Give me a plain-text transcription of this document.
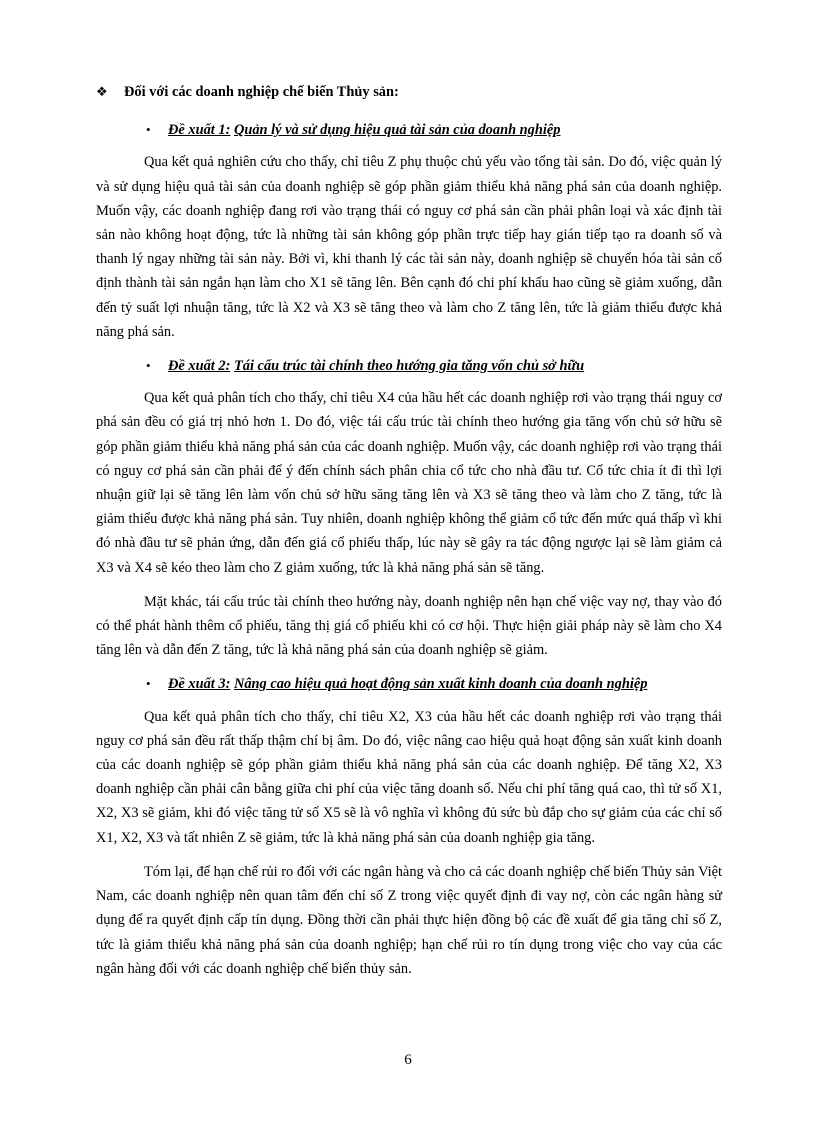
❖	Đối với các doanh nghiệp chế biến Thủy sản:
•	Đề xuất 1: Quản lý và sử dụng hiệu quả tài sản của doanh nghiệp

Qua kết quả nghiên cứu cho thấy, chỉ tiêu Z phụ thuộc chủ yếu vào tổng tài sản. Do đó, việc quản lý và sử dụng hiệu quả tài sản của doanh nghiệp sẽ góp phần giảm thiểu khả năng phá sản của doanh nghiệp. Muốn vậy, các doanh nghiệp đang rơi vào trạng thái có nguy cơ phá sản cần phải phân loại và xác định tài sản nào không hoạt động, tức là những tài sản không góp phần trực tiếp hay gián tiếp tạo ra doanh số và thanh lý ngay những tài sản này. Bởi vì, khi thanh lý các tài sản này, doanh nghiệp sẽ chuyển hóa tài sản cố định thành tài sản ngắn hạn làm cho X1 sẽ tăng lên. Bên cạnh đó chi phí khấu hao cũng sẽ giảm xuống, dẫn đến tỷ suất lợi nhuận tăng, tức là X2 và X3 sẽ tăng theo và làm cho Z tăng lên, tức là giảm thiểu được khả năng phá sản.

•	Đề xuất 2: Tái cấu trúc tài chính theo hướng gia tăng vốn chủ sở hữu

Qua kết quả phân tích cho thấy, chỉ tiêu X4 của hầu hết các doanh nghiệp rơi vào trạng thái nguy cơ phá sản đều có giá trị nhỏ hơn 1. Do đó, việc tái cấu trúc tài chính theo hướng gia tăng vốn chủ sở hữu sẽ góp phần giảm thiểu khả năng phá sản của các doanh nghiệp. Muốn vậy, các doanh nghiệp rơi vào trạng thái có nguy cơ phá sản cần phải để ý đến chính sách phân chia cổ tức cho nhà đầu tư. Cổ tức chia ít đi thì lợi nhuận giữ lại sẽ tăng lên làm vốn chủ sở hữu săng tăng lên và X3 sẽ tăng theo và làm cho Z tăng, tức là giảm thiểu được khả năng phá sản. Tuy nhiên, doanh nghiệp không thể giảm cổ tức đến mức quá thấp vì khi đó nhà đầu tư sẽ phản ứng, dẫn đến giá cổ phiếu thấp, lúc này sẽ gây ra tác động ngược lại sẽ làm giảm cả X3 và X4 sẽ kéo theo làm cho Z giảm xuống, tức là khả năng phá sản sẽ tăng.

Mặt khác, tái cấu trúc tài chính theo hướng này, doanh nghiệp nên hạn chế việc vay nợ, thay vào đó có thể phát hành thêm cổ phiếu, tăng thị giá cổ phiếu khi có cơ hội. Thực hiện giải pháp này sẽ làm cho X4 tăng lên và dẫn đến Z tăng, tức là khả năng phá sản của doanh nghiệp sẽ giảm.

•	Đề xuất 3: Nâng cao hiệu quả hoạt động sản xuất kinh doanh của doanh nghiệp

Qua kết quả phân tích cho thấy, chỉ tiêu X2, X3 của hầu hết các doanh nghiệp rơi vào trạng thái nguy cơ phá sản đều rất thấp thậm chí bị âm. Do đó, việc nâng cao hiệu quả hoạt động sản xuất kinh doanh của các doanh nghiệp sẽ góp phần giảm thiểu khả năng phá sản của các doanh nghiệp. Để tăng X2, X3 doanh nghiệp cần phải cân bằng giữa chi phí của việc tăng doanh số. Nếu chi phí tăng quá cao, thì tử số X1, X2, X3 sẽ giảm, khi đó việc tăng tử số X5 sẽ là vô nghĩa vì không đủ sức bù đắp cho sự giảm của các chỉ số X1, X2, X3 và tất nhiên Z sẽ giảm, tức là khả năng phá sản của doanh nghiệp gia tăng.

Tóm lại, để hạn chế rủi ro đối với các ngân hàng và cho cả các doanh nghiệp chế biến Thủy sản Việt Nam, các doanh nghiệp nên quan tâm đến chỉ số Z trong việc quyết định đi vay nợ, còn các ngân hàng sử dụng để ra quyết định cấp tín dụng. Đồng thời cần phải thực hiện đồng bộ các đề xuất để gia tăng chỉ số Z, tức là giảm thiểu khả năng phá sản của doanh nghiệp; hạn chế rủi ro tín dụng trong việc cho vay của các ngân hàng đối với các doanh nghiệp chế biến thủy sản.

6
